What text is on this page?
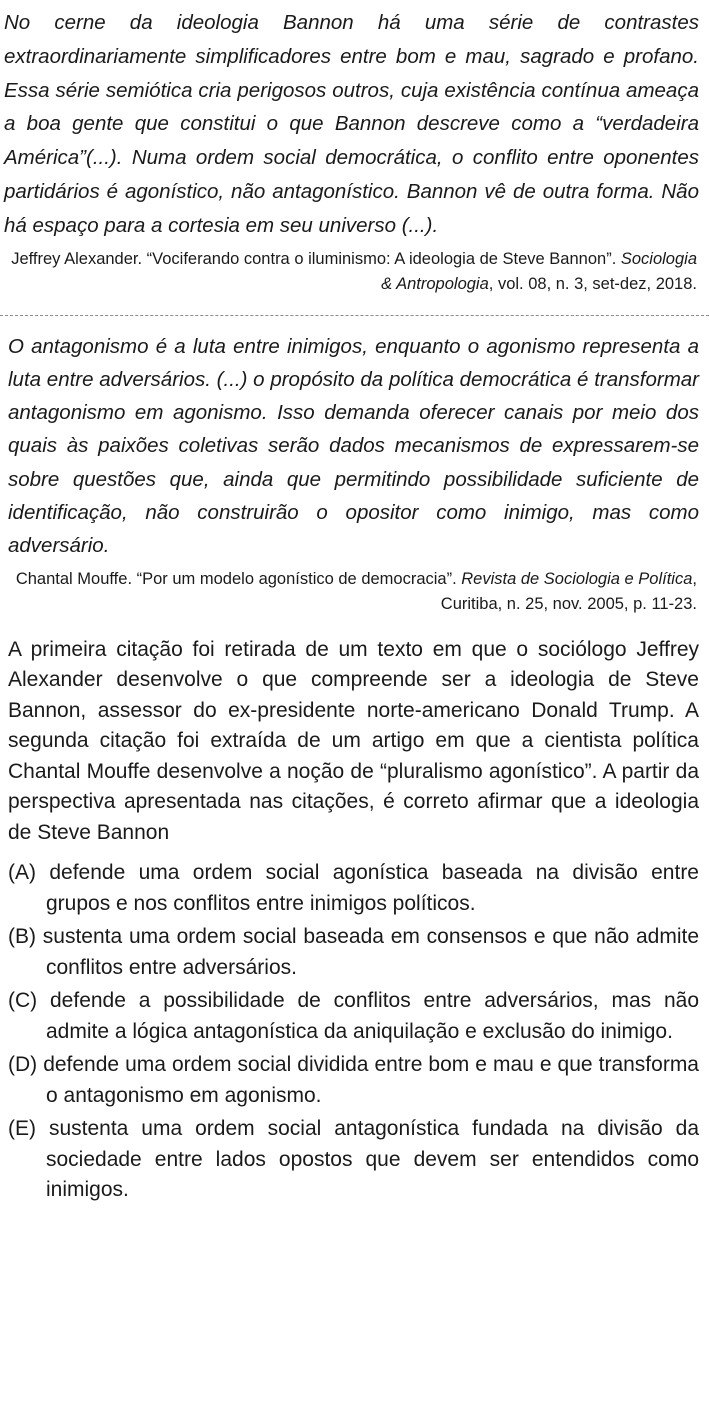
No cerne da ideologia Bannon há uma série de contrastes extraordinariamente simplificadores entre bom e mau, sagrado e profano. Essa série semiótica cria perigosos outros, cuja existência contínua ameaça a boa gente que constitui o que Bannon descreve como a “verdadeira América”(...). Numa ordem social democrática, o conflito entre oponentes partidários é agonístico, não antagonístico. Bannon vê de outra forma. Não há espaço para a cortesia em seu universo (...).

Jeffrey Alexander. “Vociferando contra o iluminismo: A ideologia de Steve Bannon”. Sociologia & Antropologia, vol. 08, n. 3, set-dez, 2018.

O antagonismo é a luta entre inimigos, enquanto o agonismo representa a luta entre adversários. (...) o propósito da política democrática é transformar antagonismo em agonismo. Isso demanda oferecer canais por meio dos quais às paixões coletivas serão dados mecanismos de expressarem-se sobre questões que, ainda que permitindo possibilidade suficiente de identificação, não construirão o opositor como inimigo, mas como adversário.

Chantal Mouffe. “Por um modelo agonístico de democracia”. Revista de Sociologia e Política, Curitiba, n. 25, nov. 2005, p. 11-23.

A primeira citação foi retirada de um texto em que o sociólogo Jeffrey Alexander desenvolve o que compreende ser a ideologia de Steve Bannon, assessor do ex-presidente norte-americano Donald Trump. A segunda citação foi extraída de um artigo em que a cientista política Chantal Mouffe desenvolve a noção de “pluralismo agonístico”. A partir da perspectiva apresentada nas citações, é correto afirmar que a ideologia de Steve Bannon

(A) defende uma ordem social agonística baseada na divisão entre grupos e nos conflitos entre inimigos políticos.
(B) sustenta uma ordem social baseada em consensos e que não admite conflitos entre adversários.
(C) defende a possibilidade de conflitos entre adversários, mas não admite a lógica antagonística da aniquilação e exclusão do inimigo.
(D) defende uma ordem social dividida entre bom e mau e que transforma o antagonismo em agonismo.
(E) sustenta uma ordem social antagonística fundada na divisão da sociedade entre lados opostos que devem ser entendidos como inimigos.
